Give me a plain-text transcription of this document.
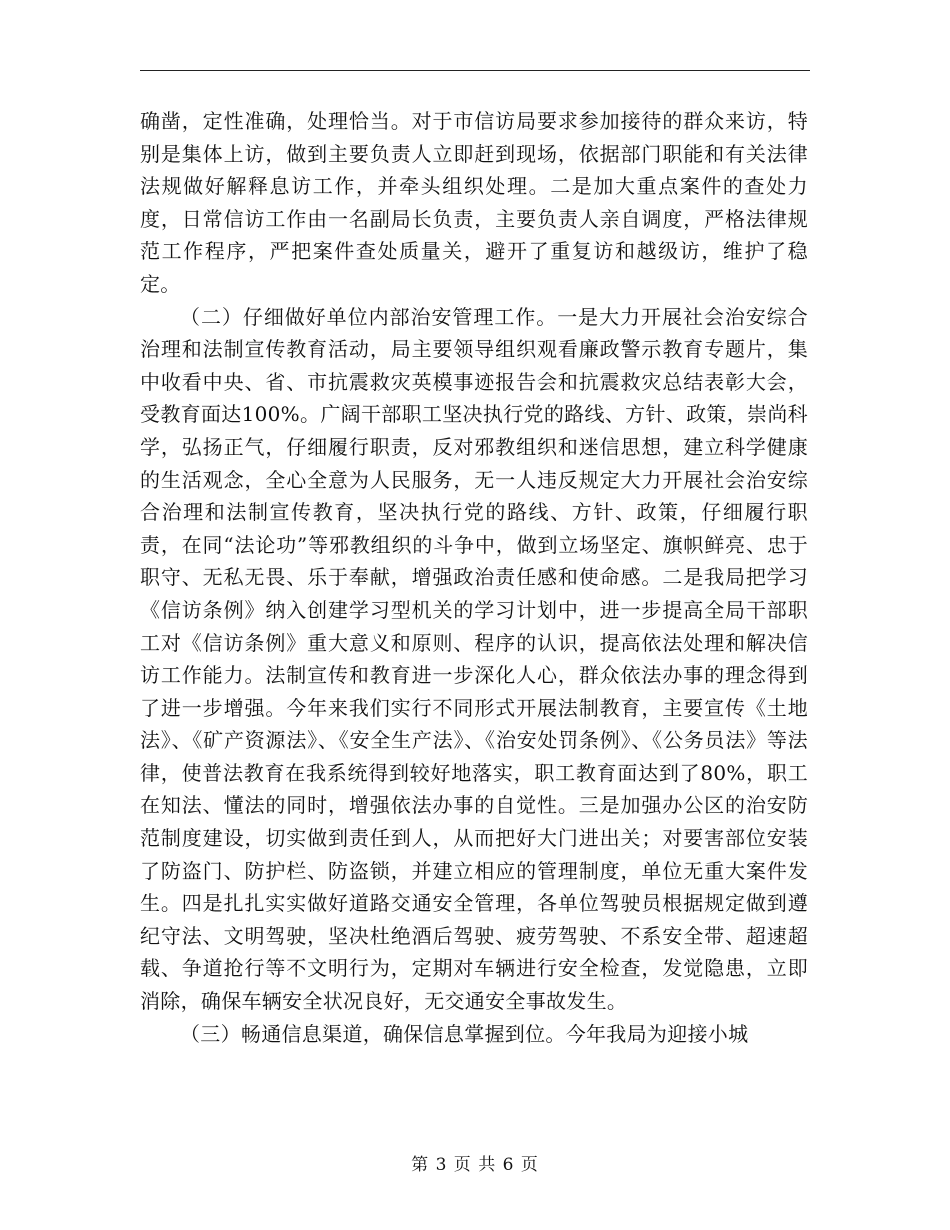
确凿，定性准确，处理恰当。对于市信访局要求参加接待的群众来访，特别是集体上访，做到主要负责人立即赶到现场，依据部门职能和有关法律法规做好解释息访工作，并牵头组织处理。二是加大重点案件的查处力度，日常信访工作由一名副局长负责，主要负责人亲自调度，严格法律规范工作程序，严把案件查处质量关，避开了重复访和越级访，维护了稳定。

（二）仔细做好单位内部治安管理工作。一是大力开展社会治安综合治理和法制宣传教育活动，局主要领导组织观看廉政警示教育专题片，集中收看中央、省、市抗震救灾英模事迹报告会和抗震救灾总结表彰大会，受教育面达100%。广阔干部职工坚决执行党的路线、方针、政策，崇尚科学，弘扬正气，仔细履行职责，反对邪教组织和迷信思想，建立科学健康的生活观念，全心全意为人民服务，无一人违反规定大力开展社会治安综合治理和法制宣传教育，坚决执行党的路线、方针、政策，仔细履行职责，在同“法论功”等邪教组织的斗争中，做到立场坚定、旗帜鲜亮、忠于职守、无私无畏、乐于奉献，增强政治责任感和使命感。二是我局把学习《信访条例》纳入创建学习型机关的学习计划中，进一步提高全局干部职工对《信访条例》重大意义和原则、程序的认识，提高依法处理和解决信访工作能力。法制宣传和教育进一步深化人心，群众依法办事的理念得到了进一步增强。今年来我们实行不同形式开展法制教育，主要宣传《土地法》、《矿产资源法》、《安全生产法》、《治安处罚条例》、《公务员法》等法律，使普法教育在我系统得到较好地落实，职工教育面达到了80%，职工在知法、懂法的同时，增强依法办事的自觉性。三是加强办公区的治安防范制度建设，切实做到责任到人，从而把好大门进出关；对要害部位安装了防盗门、防护栏、防盗锁，并建立相应的管理制度，单位无重大案件发生。四是扎扎实实做好道路交通安全管理，各单位驾驶员根据规定做到遵纪守法、文明驾驶，坚决杜绝酒后驾驶、疲劳驾驶、不系安全带、超速超载、争道抢行等不文明行为，定期对车辆进行安全检查，发觉隐患，立即消除，确保车辆安全状况良好，无交通安全事故发生。

（三）畅通信息渠道，确保信息掌握到位。今年我局为迎接小城

第 3 页 共 6 页
